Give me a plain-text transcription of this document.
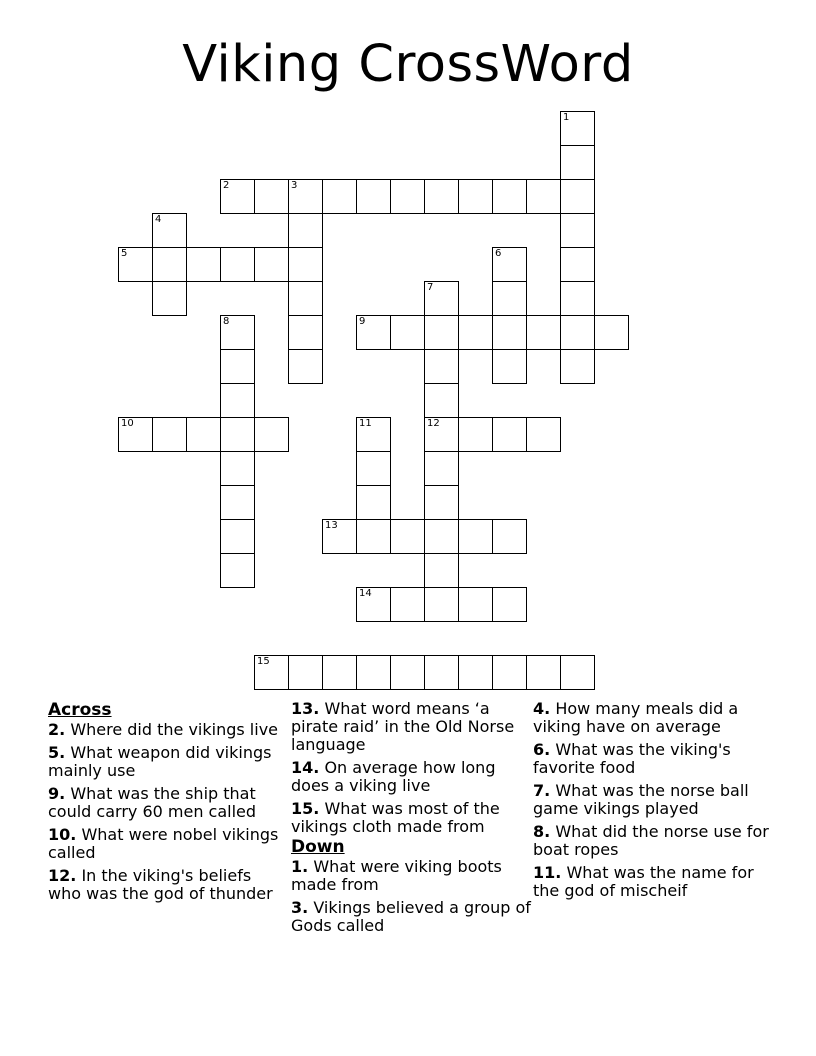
Viking CrossWord
1
2	3
4
5	6
7
12
8	9
10	11
13
14
15
Across
2. Where did the vikings live
5. What weapon did vikings mainly use
9. What was the ship that could carry 60 men called
10. What were nobel vikings called
12. In the viking's beliefs who was the god of thunder
13. What word means ‘a pirate raid’ in the Old Norse language
14. On average how long does a viking live
15. What was most of the vikings cloth made from
Down
1. What were viking boots made from
3. Vikings believed a group of Gods called
4. How many meals did a viking have on average
6. What was the viking's favorite food
7. What was the norse ball game vikings played
8. What did the norse use for boat ropes
11. What was the name for the god of mischeif
